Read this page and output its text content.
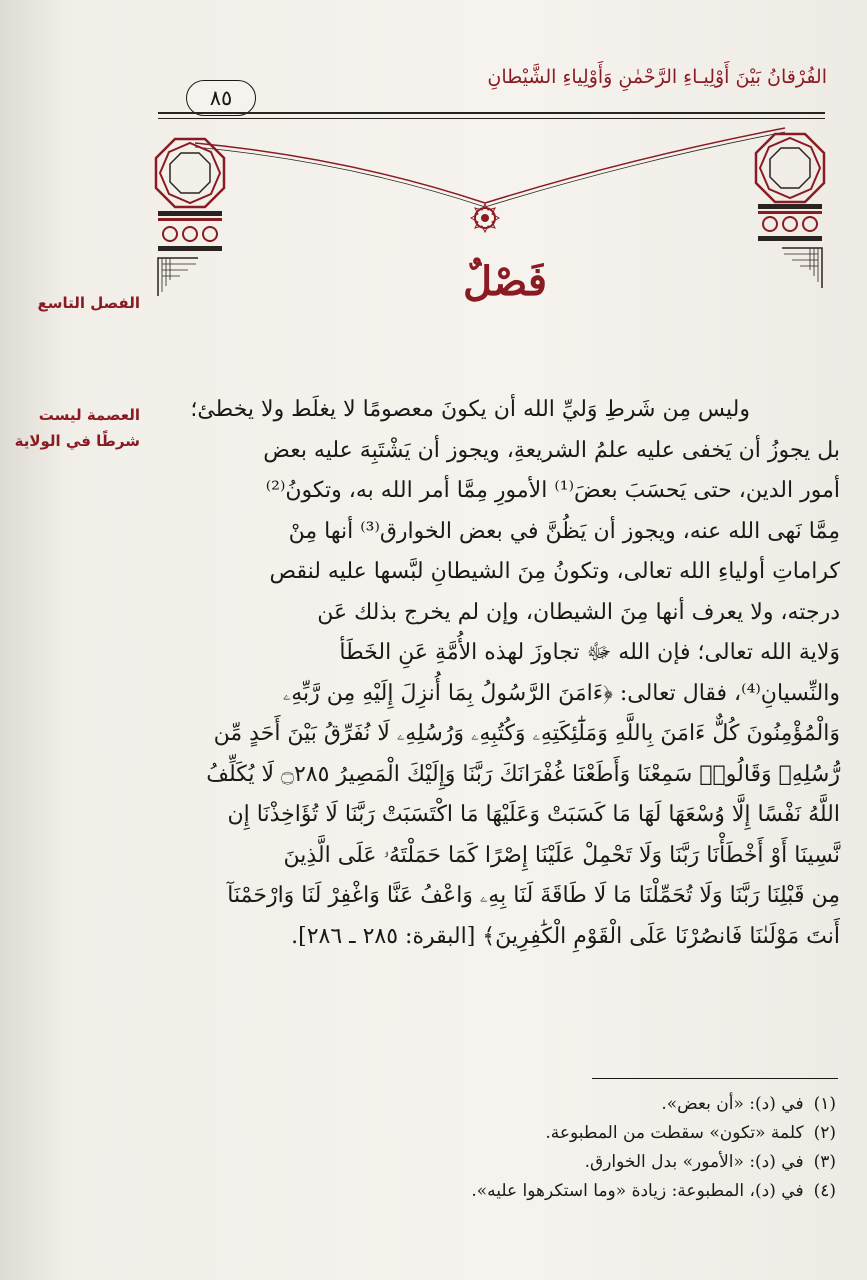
الفُرْقانُ بَيْنَ أَوْلِيـاءِ الرَّحْمٰنِ وَأَوْلِياءِ الشَّيْطانِ
٨٥
فَصْلٌ
الفصل التاسع
العصمة ليست شرطًا في الولاية

وليس مِن شَرطِ وَليِّ الله أن يكونَ معصومًا لا يغلَط ولا يخطئ؛

بل يجوزُ أن يَخفى عليه علمُ الشريعةِ، ويجوز أن يَشْتَبِهَ عليه بعض

أمور الدين، حتى يَحسَبَ بعضَ⁽¹⁾ الأمورِ مِمَّا أمر الله به، وتكونُ⁽²⁾

مِمَّا نَهى الله عنه، ويجوز أن يَظُنَّ في بعض الخوارق⁽³⁾ أنها مِنْ

كراماتِ أولياءِ الله تعالى، وتكونُ مِنَ الشيطانِ لبَّسها عليه لنقص

درجته، ولا يعرف أنها مِنَ الشيطان، وإن لم يخرج بذلك عَن

وَلاية الله تعالى؛ فإن الله ﷻ تجاوزَ لهذه الأُمَّةِ عَنِ الخَطَأ

والنِّسيانِ⁽⁴⁾، فقال تعالى: ﴿ءَامَنَ الرَّسُولُ بِمَا أُنزِلَ إِلَيْهِ مِن رَّبِّهِۦ

وَالْمُؤْمِنُونَ كُلٌّ ءَامَنَ بِاللَّهِ وَمَلَٰٓئِكَتِهِۦ وَكُتُبِهِۦ وَرُسُلِهِۦ لَا نُفَرِّقُ بَيْنَ أَحَدٍ مِّن

رُّسُلِهِۦ وَقَالُوا۟ سَمِعْنَا وَأَطَعْنَا غُفْرَانَكَ رَبَّنَا وَإِلَيْكَ الْمَصِيرُ ۝٢٨٥ لَا يُكَلِّفُ

اللَّهُ نَفْسًا إِلَّا وُسْعَهَا لَهَا مَا كَسَبَتْ وَعَلَيْهَا مَا اكْتَسَبَتْ رَبَّنَا لَا تُؤَاخِذْنَا إِن

نَّسِينَا أَوْ أَخْطَأْنَا رَبَّنَا وَلَا تَحْمِلْ عَلَيْنَا إِصْرًا كَمَا حَمَلْتَهُۥ عَلَى الَّذِينَ

مِن قَبْلِنَا رَبَّنَا وَلَا تُحَمِّلْنَا مَا لَا طَاقَةَ لَنَا بِهِۦ وَاعْفُ عَنَّا وَاغْفِرْ لَنَا وَارْحَمْنَآ

أَنتَ مَوْلَىٰنَا فَانصُرْنَا عَلَى الْقَوْمِ الْكَٰفِرِينَ﴾ [البقرة: ٢٨٥ ـ ٢٨٦].

(١)في (د): «أن بعض».
(٢)كلمة «تكون» سقطت من المطبوعة.
(٣)في (د): «الأمور» بدل الخوارق.
(٤)في (د)، المطبوعة: زيادة «وما استكرهوا عليه».
